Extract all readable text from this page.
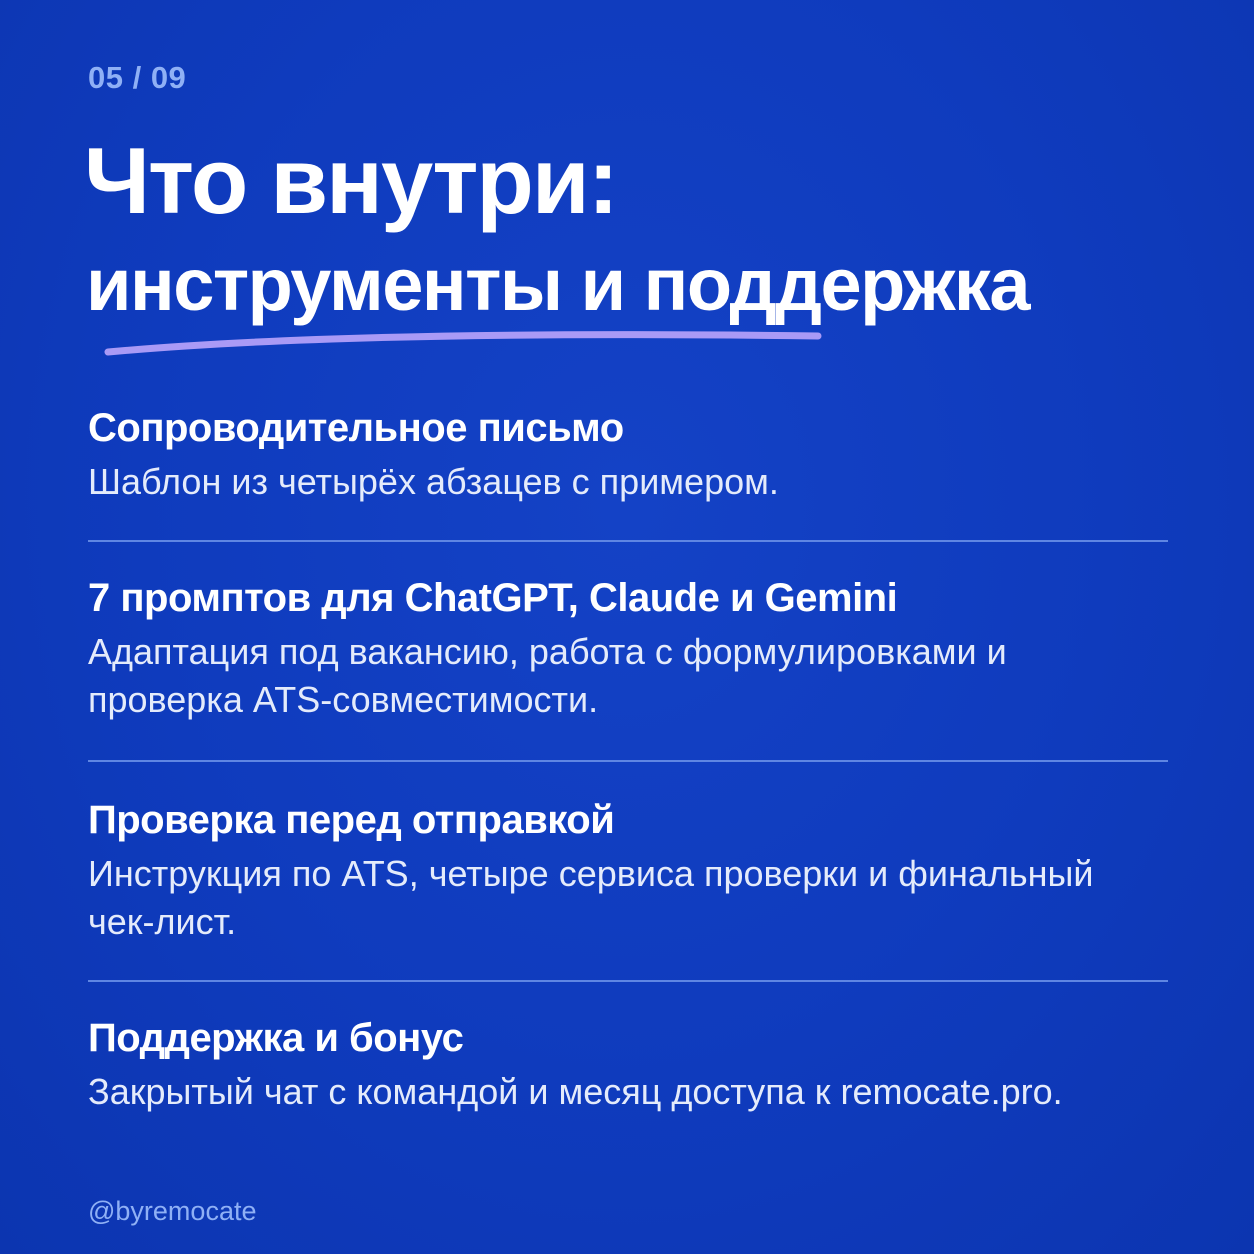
05 / 09
Что внутри:
инструменты и поддержка
Сопроводительное письмо

Шаблон из четырёх абзацев с примером.

7 промптов для ChatGPT, Claude и Gemini

Адаптация под вакансию, работа с формулировками и проверка ATS-совместимости.

Проверка перед отправкой

Инструкция по ATS, четыре сервиса проверки и финальный чек-лист.

Поддержка и бонус

Закрытый чат с командой и месяц доступа к remocate.pro.

@byremocate
